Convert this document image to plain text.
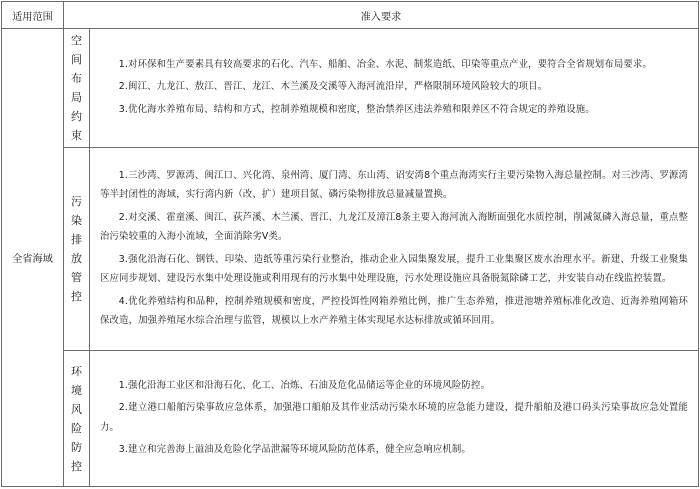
适用范围	准入要求	
全省海域	空间布局约束	1.对环保和生产要素具有较高要求的石化、汽车、船舶、冶金、水泥、制浆造纸、印染等重点产业，要符合全省规划布局要求。
2.闽江、九龙江、敖江、晋江、龙江、木兰溪及交溪等入海河流沿岸，严格限制环境风险较大的项目。
3.优化海水养殖布局、结构和方式，控制养殖规模和密度，整治禁养区违法养殖和限养区不符合规定的养殖设施。

	污染排放管控	1.三沙湾、罗源湾、闽江口、兴化湾、泉州湾、厦门湾、东山湾、诏安湾8个重点海湾实行主要污染物入海总量控制。对三沙湾、罗源湾等半封闭性的海域，实行湾内新（改、扩）建项目氮、磷污染物排放总量减量置换。
2.对交溪、霍童溪、闽江、荻芦溪、木兰溪、晋江、九龙江及漳江8条主要入海河流入海断面强化水质控制，削减氮磷入海总量，重点整治污染较重的入海小流域，全面消除劣Ⅴ类。
3.强化沿海石化、钢铁、印染、造纸等重污染行业整治，推动企业入园集聚发展，提升工业集聚区废水治理水平。新建、升级工业聚集区应同步规划、建设污水集中处理设施或利用现有的污水集中处理设施，污水处理设施应具备脱氮除磷工艺，并安装自动在线监控装置。
4.优化养殖结构和品种，控制养殖规模和密度，严控投饵性网箱养殖比例，推广生态养殖，推进池塘养殖标准化改造、近海养殖网箱环保改造，加强养殖尾水综合治理与监管，规模以上水产养殖主体实现尾水达标排放或循环回用。

	环境风险防控	1.强化沿海工业区和沿海石化、化工、冶炼、石油及危化品储运等企业的环境风险防控。
2.建立港口船舶污染事故应急体系，加强港口船舶及其作业活动污染水环境的应急能力建设，提升船舶及港口码头污染事故应急处置能力。
3.建立和完善海上溢油及危险化学品泄漏等环境风险防范体系，健全应急响应机制。
